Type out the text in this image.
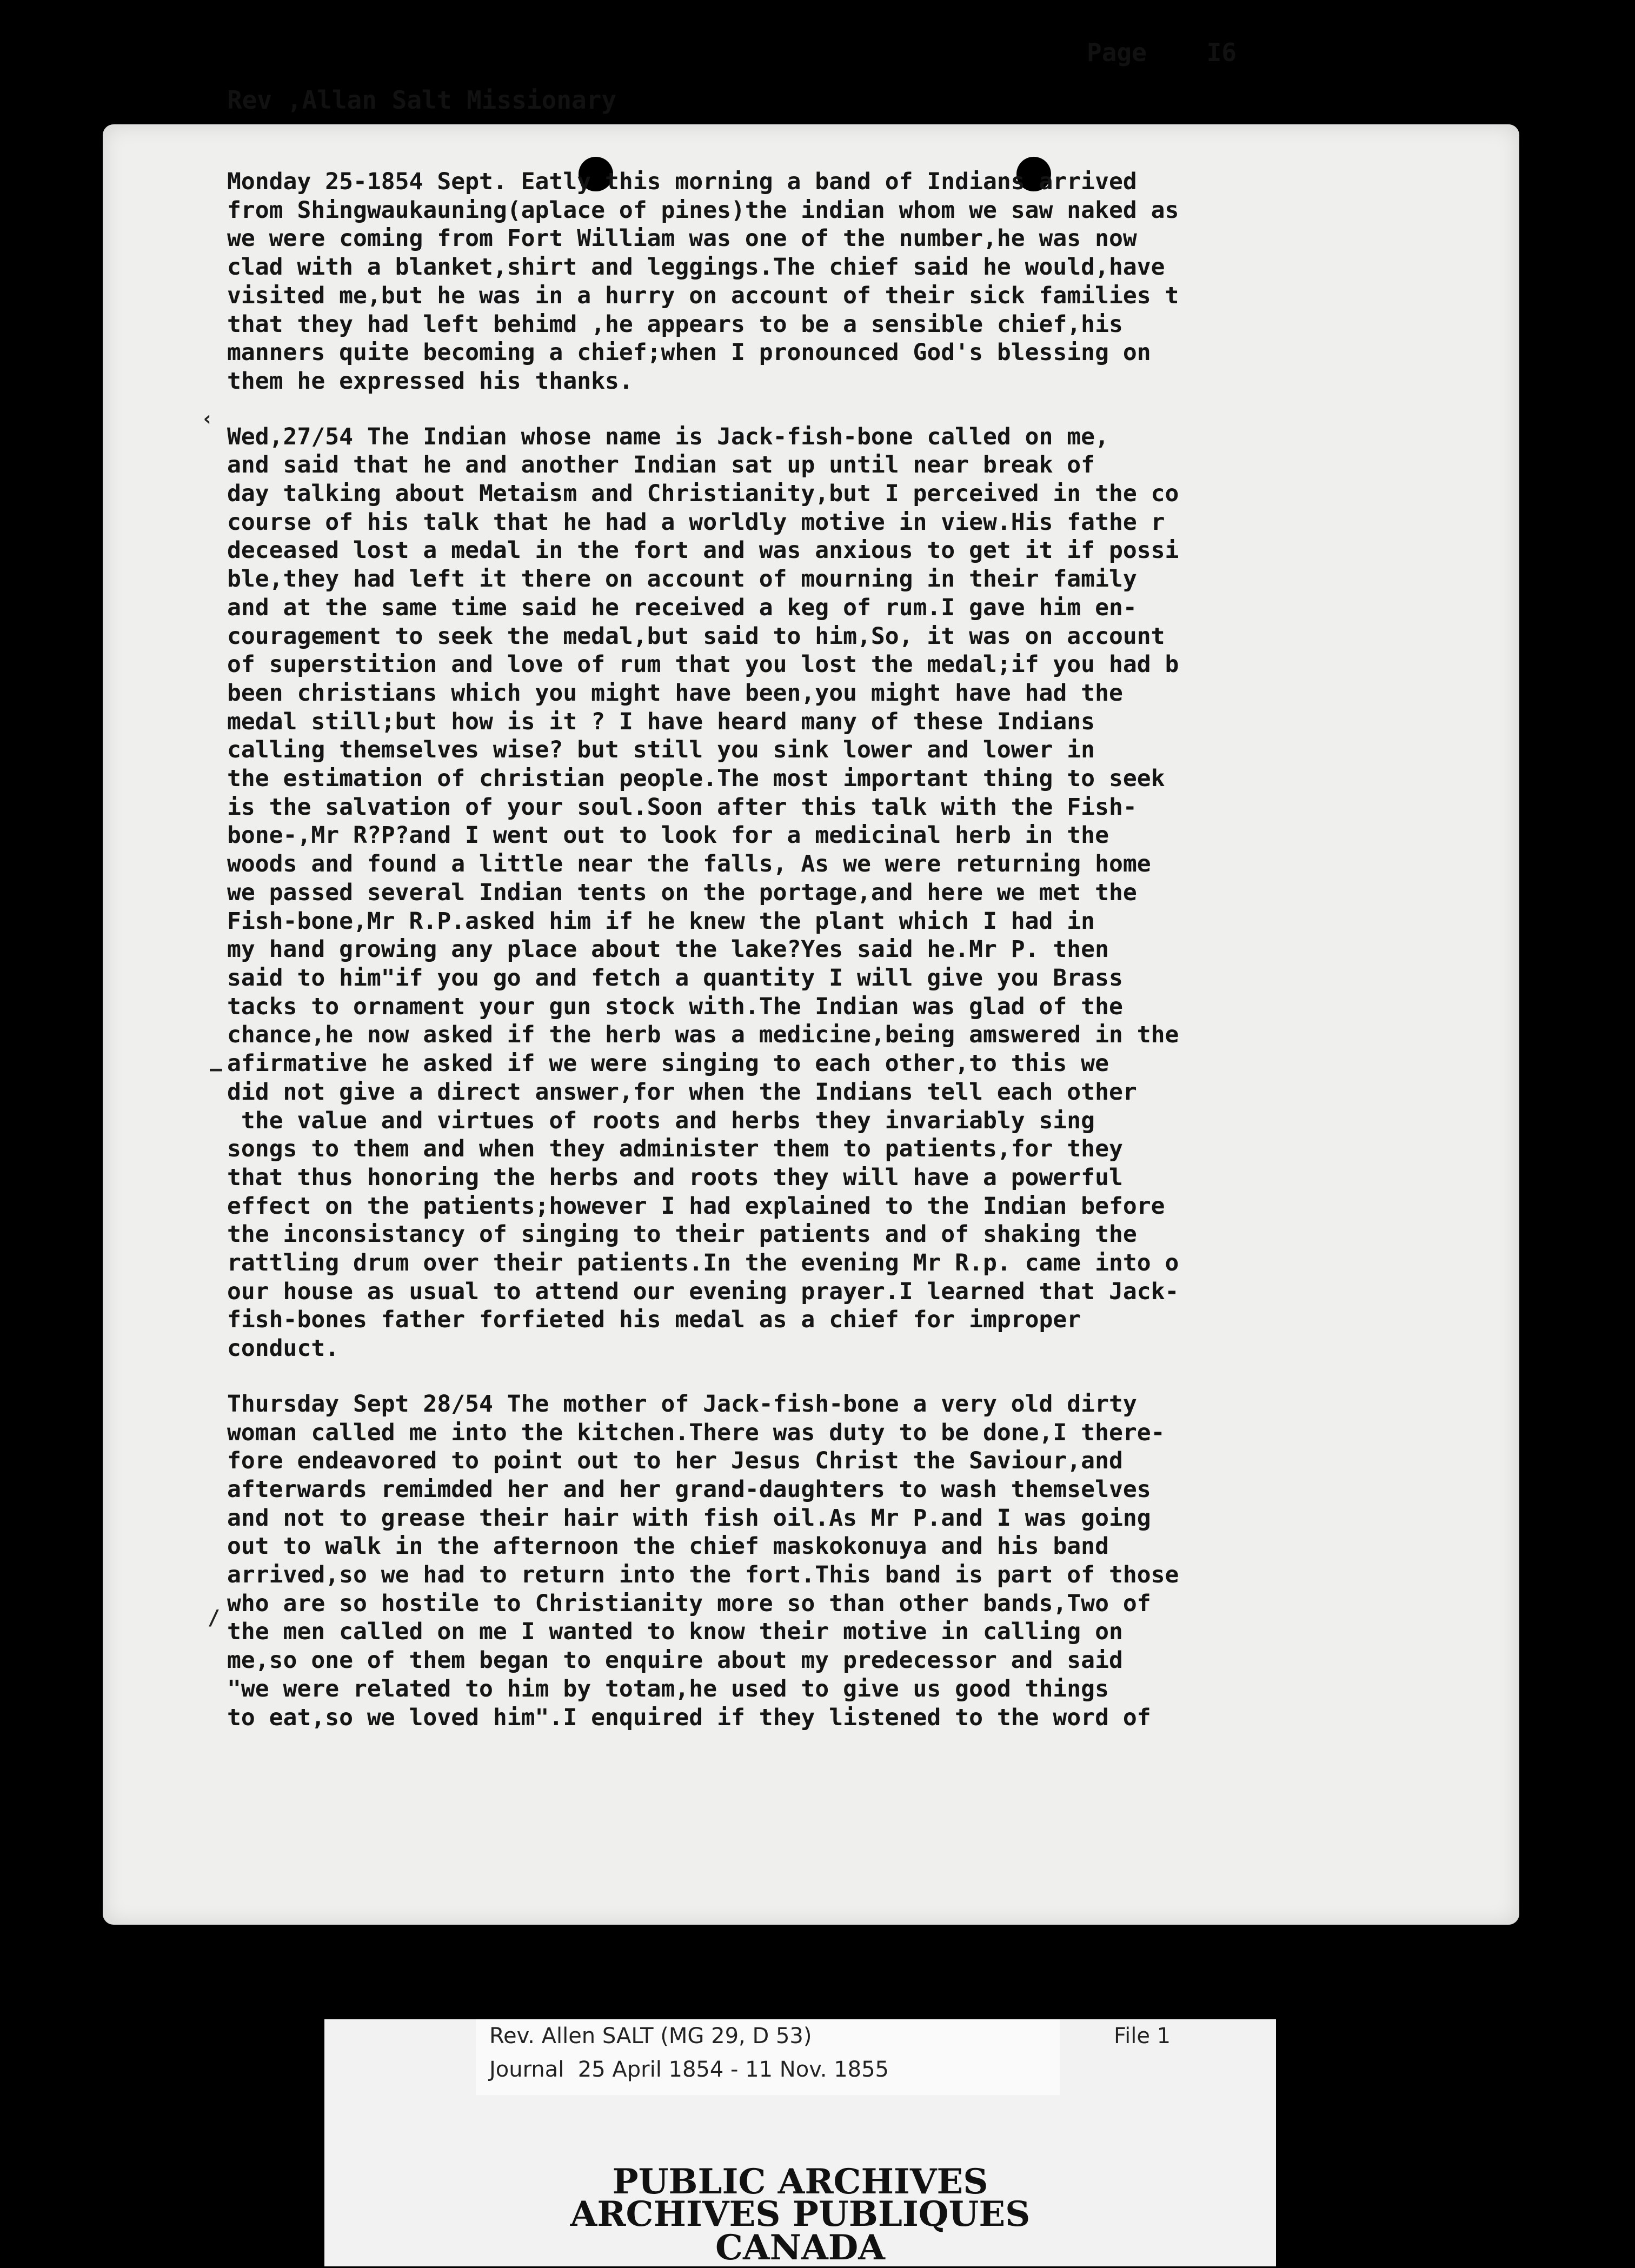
Page I6
Rev ,Allan Salt Missionary
‹
–
/

Monday 25-1854 Sept. Eatly this morning a band of Indians arrived
from Shingwaukauning(aplace of pines)the indian whom we saw naked as
we were coming from Fort William was one of the number,he was now
clad with a blanket,shirt and leggings.The chief said he would,have
visited me,but he was in a hurry on account of their sick families t
that they had left behimd ,he appears to be a sensible chief,his
manners quite becoming a chief;when I pronounced God's blessing on
them he expressed his thanks.

Wed,27/54 The Indian whose name is Jack-fish-bone called on me,
and said that he and another Indian sat up until near break of
day talking about Metaism and Christianity,but I perceived in the co
course of his talk that he had a worldly motive in view.His fathe r
deceased lost a medal in the fort and was anxious to get it if possi
ble,they had left it there on account of mourning in their family
and at the same time said he received a keg of rum.I gave him en-
couragement to seek the medal,but said to him,So, it was on account
of superstition and love of rum that you lost the medal;if you had b
been christians which you might have been,you might have had the
medal still;but how is it ? I have heard many of these Indians
calling themselves wise? but still you sink lower and lower in
the estimation of christian people.The most important thing to seek
is the salvation of your soul.Soon after this talk with the Fish-
bone-,Mr R?P?and I went out to look for a medicinal herb in the
woods and found a little near the falls, As we were returning home
we passed several Indian tents on the portage,and here we met the
Fish-bone,Mr R.P.asked him if he knew the plant which I had in
my hand growing any place about the lake?Yes said he.Mr P. then
said to him"if you go and fetch a quantity I will give you Brass
tacks to ornament your gun stock with.The Indian was glad of the
chance,he now asked if the herb was a medicine,being amswered in the
afirmative he asked if we were singing to each other,to this we
did not give a direct answer,for when the Indians tell each other
the value and virtues of roots and herbs they invariably sing
songs to them and when they administer them to patients,for they
that thus honoring the herbs and roots they will have a powerful
effect on the patients;however I had explained to the Indian before
the inconsistancy of singing to their patients and of shaking the
rattling drum over their patients.In the evening Mr R.p. came into o
our house as usual to attend our evening prayer.I learned that Jack-
fish-bones father forfieted his medal as a chief for improper
conduct.

Thursday Sept 28/54 The mother of Jack-fish-bone a very old dirty
woman called me into the kitchen.There was duty to be done,I there-
fore endeavored to point out to her Jesus Christ the Saviour,and
afterwards remimded her and her grand-daughters to wash themselves
and not to grease their hair with fish oil.As Mr P.and I was going
out to walk in the afternoon the chief maskokonuya and his band
arrived,so we had to return into the fort.This band is part of those
who are so hostile to Christianity more so than other bands,Two of
the men called on me I wanted to know their motive in calling on
me,so one of them began to enquire about my predecessor and said
"we were related to him by totam,he used to give us good things
to eat,so we loved him".I enquired if they listened to the word of

Rev. Allen SALT (MG 29, D 53)	File 1
Journal  25 April 1854 - 11 Nov. 1855
PUBLIC ARCHIVES
ARCHIVES PUBLIQUES
CANADA
